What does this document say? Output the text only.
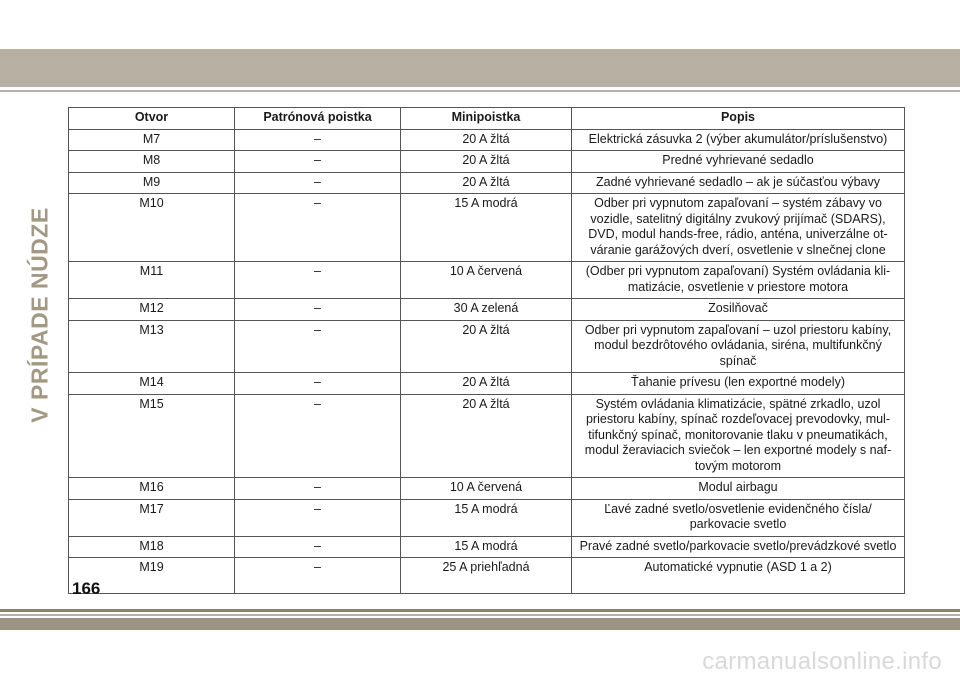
V PRÍPADE NÚDZE
Otvor	Patrónová poistka	Minipoistka	Popis
M7	–	20 A žltá	Elektrická zásuvka 2 (výber akumulátor/príslušenstvo)
M8	–	20 A žltá	Predné vyhrievané sedadlo
M9	–	20 A žltá	Zadné vyhrievané sedadlo – ak je súčasťou výbavy
M10	–	15 A modrá	Odber pri vypnutom zapaľovaní – systém zábavy vo vozidle, satelitný digitálny zvukový prijímač (SDARS), DVD, modul hands-free, rádio, anténa, univerzálne ot- váranie garážových dverí, osvetlenie v slnečnej clone
M11	–	10 A červená	(Odber pri vypnutom zapaľovaní) Systém ovládania kli- matizácie, osvetlenie v priestore motora
M12	–	30 A zelená	Zosilňovač
M13	–	20 A žltá	Odber pri vypnutom zapaľovaní – uzol priestoru kabíny, modul bezdrôtového ovládania, siréna, multifunkčný spínač
M14	–	20 A žltá	Ťahanie prívesu (len exportné modely)
M15	–	20 A žltá	Systém ovládania klimatizácie, spätné zrkadlo, uzol priestoru kabíny, spínač rozdeľovacej prevodovky, mul- tifunkčný spínač, monitorovanie tlaku v pneumatikách, modul žeraviacich sviečok – len exportné modely s naf- tovým motorom
M16	–	10 A červená	Modul airbagu
M17	–	15 A modrá	Ľavé zadné svetlo/osvetlenie evidenčného čísla/ parkovacie svetlo
M18	–	15 A modrá	Pravé zadné svetlo/parkovacie svetlo/prevádzkové svetlo
M19	–	25 A priehľadná	Automatické vypnutie (ASD 1 a 2)
166
carmanualsonline.info
